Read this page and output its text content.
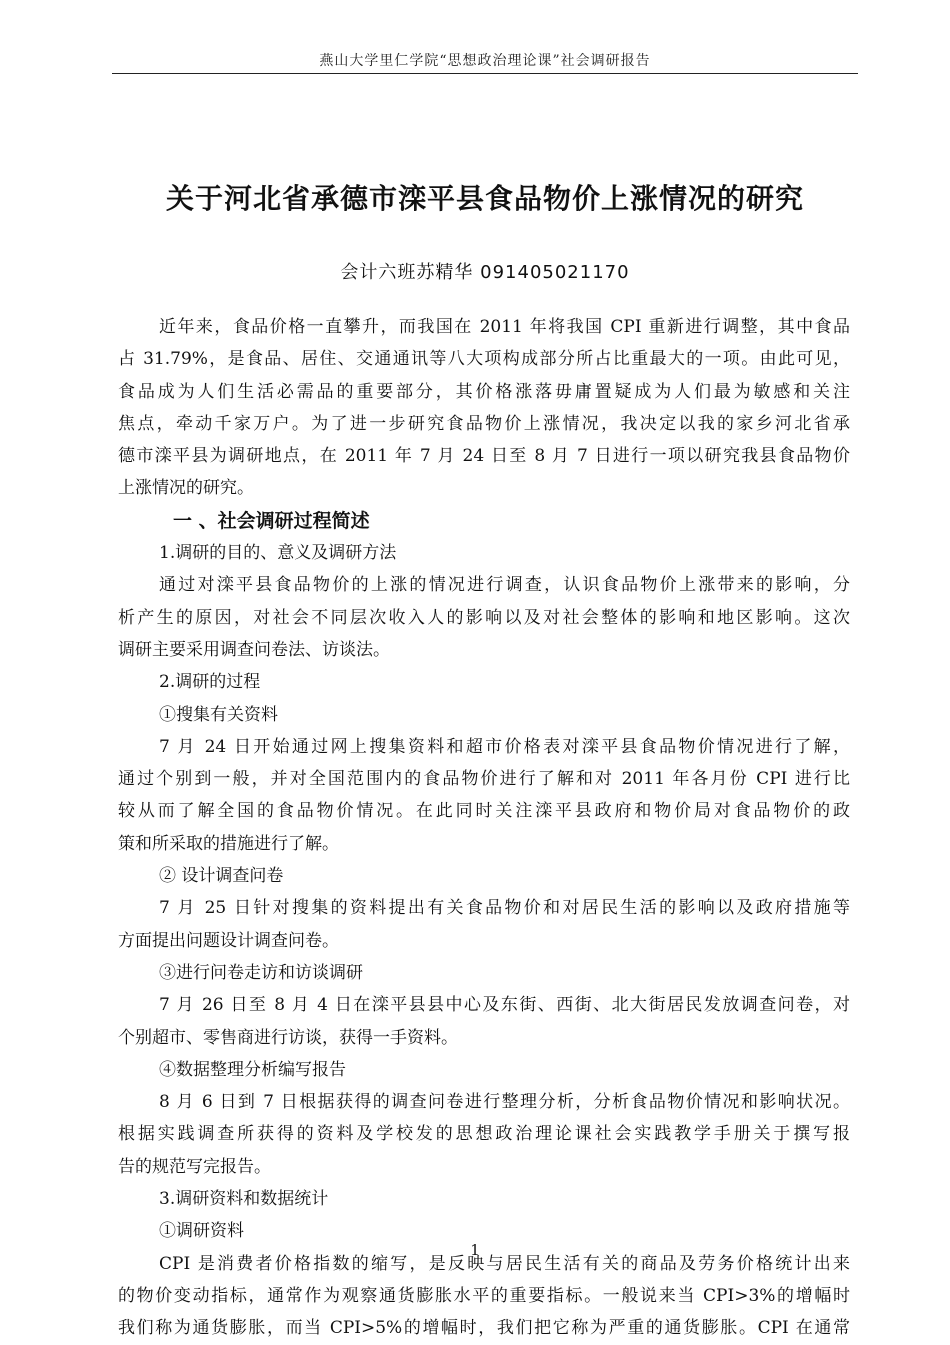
燕山大学里仁学院“思想政治理论课”社会调研报告
关于河北省承德市滦平县食品物价上涨情况的研究
会计六班苏精华 091405021170
近年来，食品价格一直攀升，而我国在 2011 年将我国 CPI 重新进行调整，其中食品
占 31.79%，是食品、居住、交通通讯等八大项构成部分所占比重最大的一项。由此可见，
食品成为人们生活必需品的重要部分，其价格涨落毋庸置疑成为人们最为敏感和关注
焦点，牵动千家万户。为了进一步研究食品物价上涨情况，我决定以我的家乡河北省承
德市滦平县为调研地点，在 2011 年 7 月 24 日至 8 月 7 日进行一项以研究我县食品物价
上涨情况的研究。
一 、社会调研过程简述
1.调研的目的、意义及调研方法
通过对滦平县食品物价的上涨的情况进行调查，认识食品物价上涨带来的影响，分
析产生的原因，对社会不同层次收入人的影响以及对社会整体的影响和地区影响。这次
调研主要采用调查问卷法、访谈法。
2.调研的过程
①搜集有关资料
7 月 24 日开始通过网上搜集资料和超市价格表对滦平县食品物价情况进行了解，
通过个别到一般，并对全国范围内的食品物价进行了解和对 2011 年各月份 CPI 进行比
较从而了解全国的食品物价情况。在此同时关注滦平县政府和物价局对食品物价的政
策和所采取的措施进行了解。
② 设计调查问卷
7 月 25 日针对搜集的资料提出有关食品物价和对居民生活的影响以及政府措施等
方面提出问题设计调查问卷。
③进行问卷走访和访谈调研
7 月 26 日至 8 月 4 日在滦平县县中心及东街、西街、北大街居民发放调查问卷，对
个别超市、零售商进行访谈，获得一手资料。
④数据整理分析编写报告
8 月 6 日到 7 日根据获得的调查问卷进行整理分析，分析食品物价情况和影响状况。
根据实践调查所获得的资料及学校发的思想政治理论课社会实践教学手册关于撰写报
告的规范写完报告。
3.调研资料和数据统计
①调研资料
CPI 是消费者价格指数的缩写，是反映与居民生活有关的商品及劳务价格统计出来
的物价变动指标，通常作为观察通货膨胀水平的重要指标。一般说来当 CPI>3%的增幅时
我们称为通货膨胀，而当 CPI>5%的增幅时，我们把它称为严重的通货膨胀。CPI 在通常
1
